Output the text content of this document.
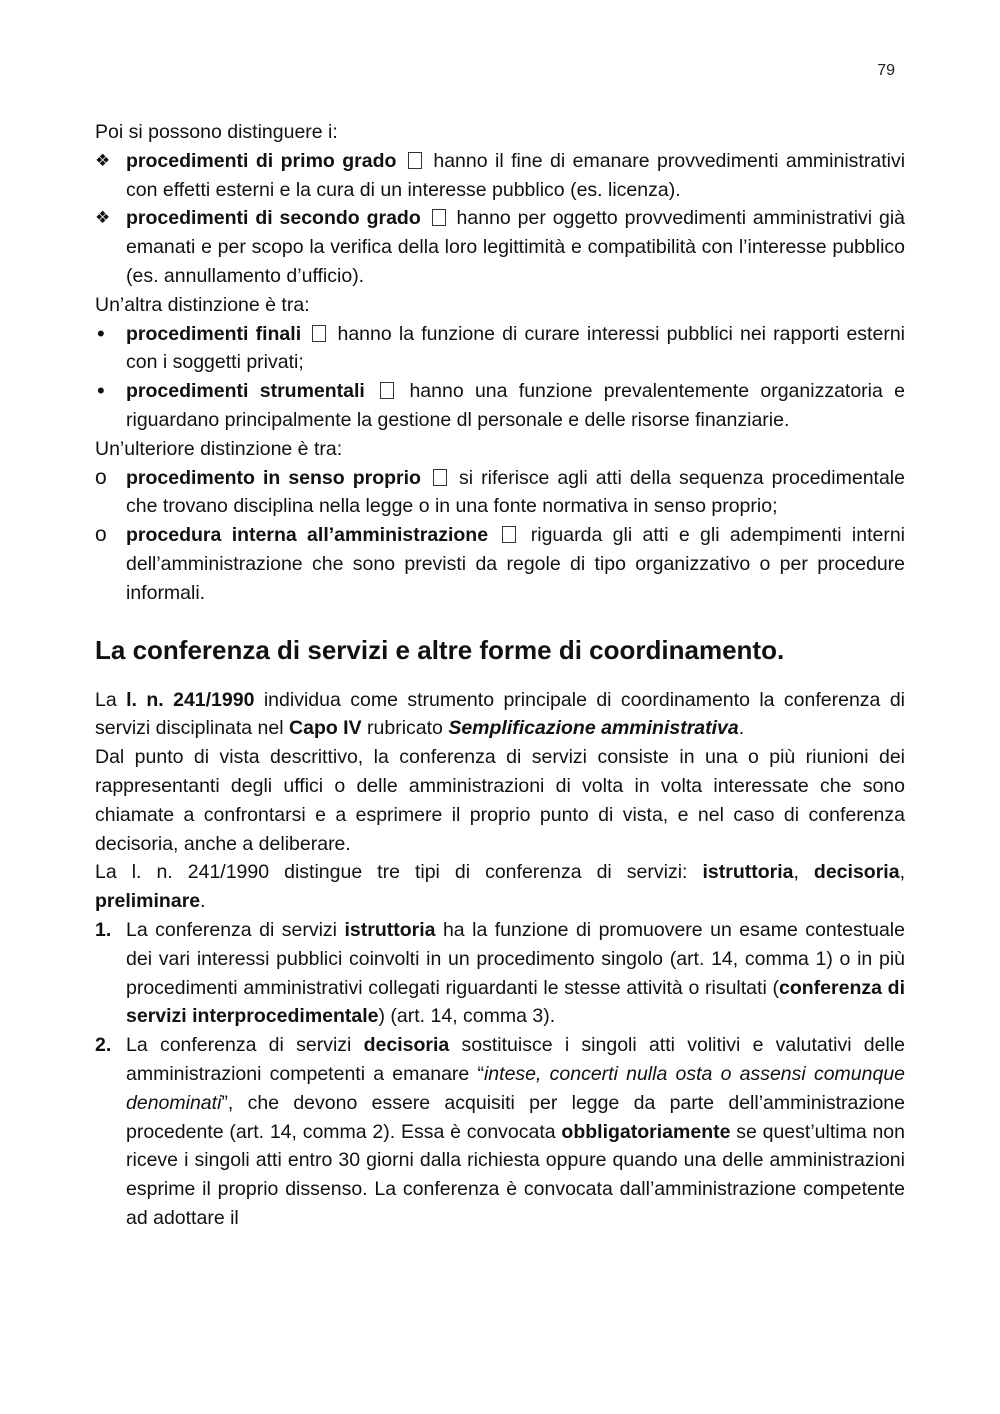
79

Poi si possono distinguere i:

❖ procedimenti di primo grado hanno il fine di emanare provvedimenti amministrativi con effetti esterni e la cura di un interesse pubblico (es. licenza).
❖ procedimenti di secondo grado hanno per oggetto provvedimenti amministrativi già emanati e per scopo la verifica della loro legittimità e compatibilità con l’interesse pubblico (es. annullamento d’ufficio).

Un’altra distinzione è tra:

•	procedimenti finali hanno la funzione di curare interessi pubblici nei rapporti esterni con i soggetti privati;
•	procedimenti strumentali hanno una funzione prevalentemente organizzatoria e riguardano principalmente la gestione dl personale e delle risorse finanziarie.

Un’ulteriore distinzione è tra:

o procedimento in senso proprio si riferisce agli atti della sequenza procedimentale che trovano disciplina nella legge o in una fonte normativa in senso proprio;
o procedura interna all’amministrazione riguarda gli atti e gli adempimenti interni dell’amministrazione che sono previsti da regole di tipo organizzativo o per procedure informali.
La conferenza di servizi e altre forme di coordinamento.

La l. n. 241/1990 individua come strumento principale di coordinamento la conferenza di servizi disciplinata nel Capo IV rubricato Semplificazione amministrativa.

Dal punto di vista descrittivo, la conferenza di servizi consiste in una o più riunioni dei rappresentanti degli uffici o delle amministrazioni di volta in volta interessate che sono chiamate a confrontarsi e a esprimere il proprio punto di vista, e nel caso di conferenza decisoria, anche a deliberare.

La l. n. 241/1990 distingue tre tipi di conferenza di servizi: istruttoria, decisoria, preliminare.

1. La conferenza di servizi istruttoria ha la funzione di promuovere un esame contestuale dei vari interessi pubblici coinvolti in un procedimento singolo (art. 14, comma 1) o in più procedimenti amministrativi collegati riguardanti le stesse attività o risultati (conferenza di servizi interprocedimentale) (art. 14, comma 3).
2. La conferenza di servizi decisoria sostituisce i singoli atti volitivi e valutativi delle amministrazioni competenti a emanare “intese, concerti nulla osta o assensi comunque denominati”, che devono essere acquisiti per legge da parte dell’amministrazione procedente (art. 14, comma 2). Essa è convocata obbligatoriamente se quest’ultima non riceve i singoli atti entro 30 giorni dalla richiesta oppure quando una delle amministrazioni esprime il proprio dissenso. La conferenza è convocata dall’amministrazione competente ad adottare il
